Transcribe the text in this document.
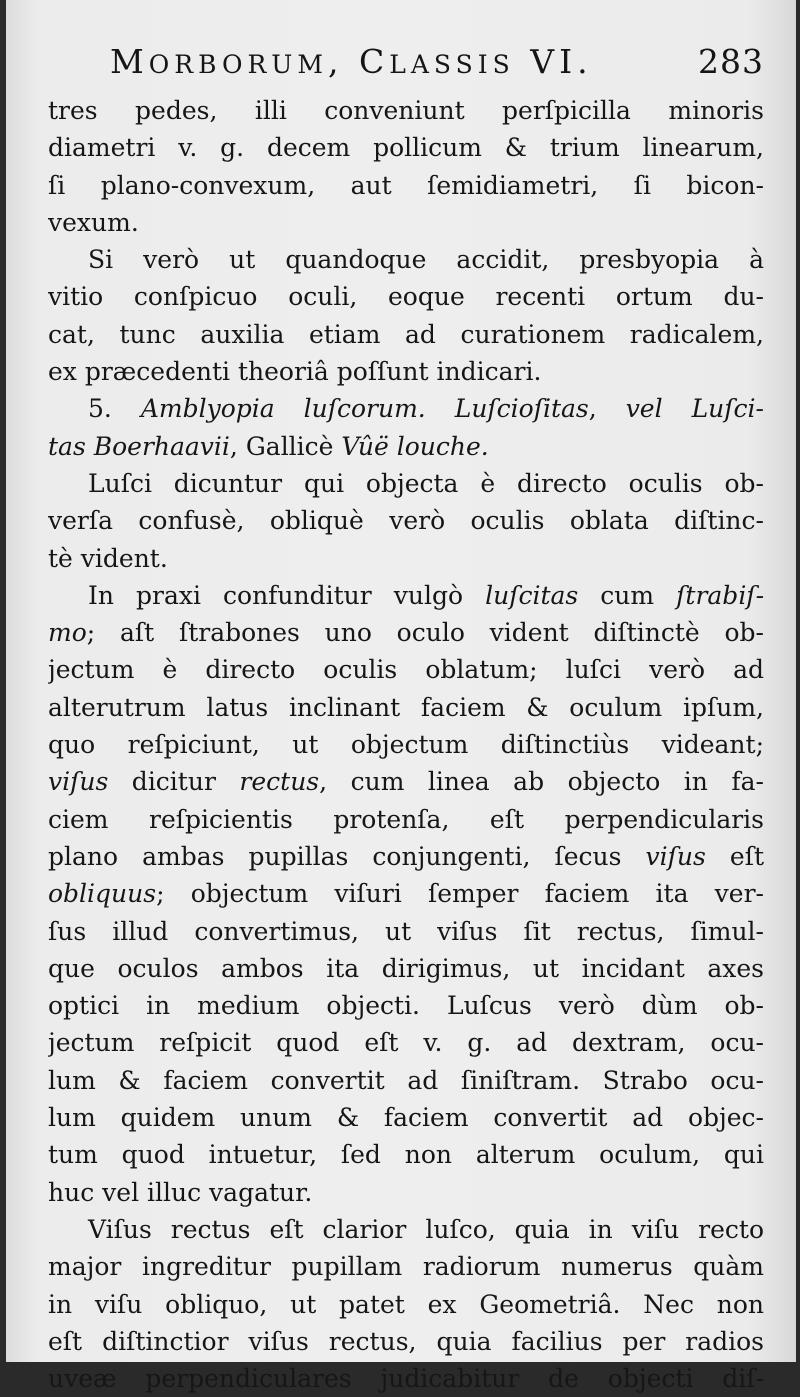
MORBORUM, CLASSIS VI.	283
tres pedes, illi conveniunt perſpicilla minoris
diametri v. g. decem pollicum & trium linearum,
ſi plano-convexum, aut ſemidiametri, ſi bicon-
vexum.
Si verò ut quandoque accidit, presbyopia à
vitio conſpicuo oculi, eoque recenti ortum du-
cat, tunc auxilia etiam ad curationem radicalem,
ex præcedenti theoriâ poſſunt indicari.
5. Amblyopia luſcorum. Luſcioſitas, vel Luſci-
tas Boerhaavii, Gallicè Vûë louche.
Luſci dicuntur qui objecta è directo oculis ob-
verſa confusè, obliquè verò oculis oblata diſtinc-
tè vident.
In praxi confunditur vulgò luſcitas cum ſtrabiſ-
mo; aſt ſtrabones uno oculo vident diſtinctè ob-
jectum è directo oculis oblatum; luſci verò ad
alterutrum latus inclinant faciem & oculum ipſum,
quo reſpiciunt, ut objectum diſtinctiùs videant;
viſus dicitur rectus, cum linea ab objecto in fa-
ciem reſpicientis protenſa, eſt perpendicularis
plano ambas pupillas conjungenti, ſecus viſus eſt
obliquus; objectum viſuri ſemper faciem ita ver-
ſus illud convertimus, ut viſus ſit rectus, ſimul-
que oculos ambos ita dirigimus, ut incidant axes
optici in medium objecti. Luſcus verò dùm ob-
jectum reſpicit quod eſt v. g. ad dextram, ocu-
lum & faciem convertit ad ſiniſtram. Strabo ocu-
lum quidem unum & faciem convertit ad objec-
tum quod intuetur, ſed non alterum oculum, qui
huc vel illuc vagatur.
Viſus rectus eſt clarior luſco, quia in viſu recto
major ingreditur pupillam radiorum numerus quàm
in viſu obliquo, ut patet ex Geometriâ. Nec non
eſt diſtinctior viſus rectus, quia facilius per radios
uveæ perpendiculares judicabitur de objecti diſ-
